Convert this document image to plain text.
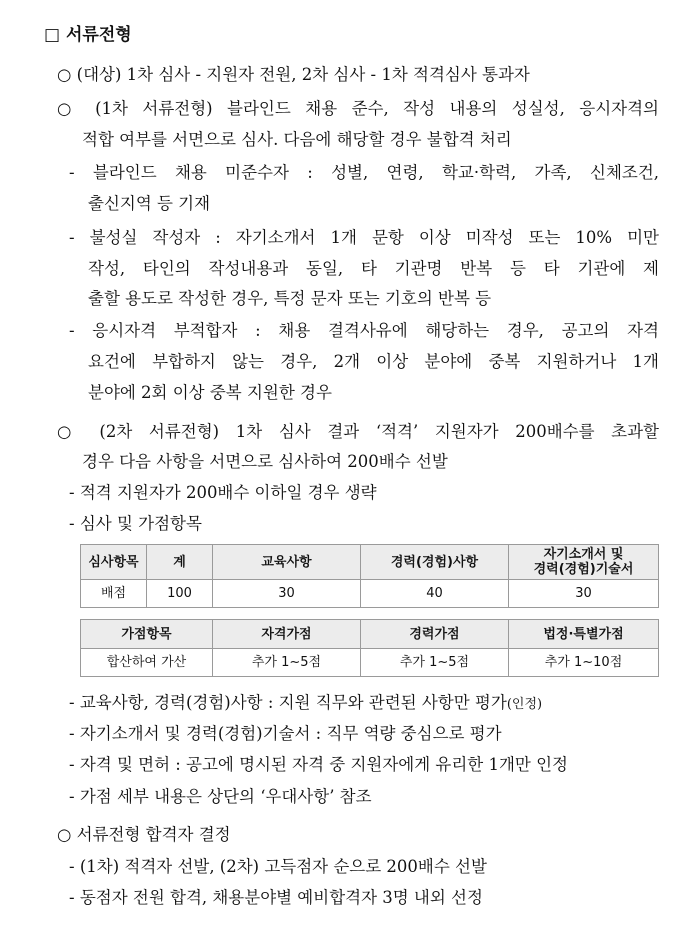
□ 서류전형
○ (대상) 1차 심사 - 지원자 전원, 2차 심사 - 1차 적격심사 통과자
○ (1차 서류전형) 블라인드 채용 준수, 작성 내용의 성실성, 응시자격의
적합 여부를 서면으로 심사. 다음에 해당할 경우 불합격 처리
- 블라인드 채용 미준수자 : 성별, 연령, 학교·학력, 가족, 신체조건,
출신지역 등 기재
- 불성실 작성자 : 자기소개서 1개 문항 이상 미작성 또는 10% 미만
작성, 타인의 작성내용과 동일, 타 기관명 반복 등 타 기관에 제
출할 용도로 작성한 경우, 특정 문자 또는 기호의 반복 등
- 응시자격 부적합자 : 채용 결격사유에 해당하는 경우, 공고의 자격
요건에 부합하지 않는 경우, 2개 이상 분야에 중복 지원하거나 1개
분야에 2회 이상 중복 지원한 경우
○ (2차 서류전형) 1차 심사 결과 ‘적격’ 지원자가 200배수를 초과할
경우 다음 사항을 서면으로 심사하여 200배수 선발
- 적격 지원자가 200배수 이하일 경우 생략
- 심사 및 가점항목
심사항목	계	교육사항	경력(경험)사항	자기소개서 및
경력(경험)기술서
배점	100	30	40	30
가점항목	자격가점	경력가점	법정·특별가점
합산하여 가산	추가 1~5점	추가 1~5점	추가 1~10점
- 교육사항, 경력(경험)사항 : 지원 직무와 관련된 사항만 평가(인정)
- 자기소개서 및 경력(경험)기술서 : 직무 역량 중심으로 평가
- 자격 및 면허 : 공고에 명시된 자격 중 지원자에게 유리한 1개만 인정
- 가점 세부 내용은 상단의 ‘우대사항’ 참조
○ 서류전형 합격자 결정
- (1차) 적격자 선발, (2차) 고득점자 순으로 200배수 선발
- 동점자 전원 합격, 채용분야별 예비합격자 3명 내외 선정
